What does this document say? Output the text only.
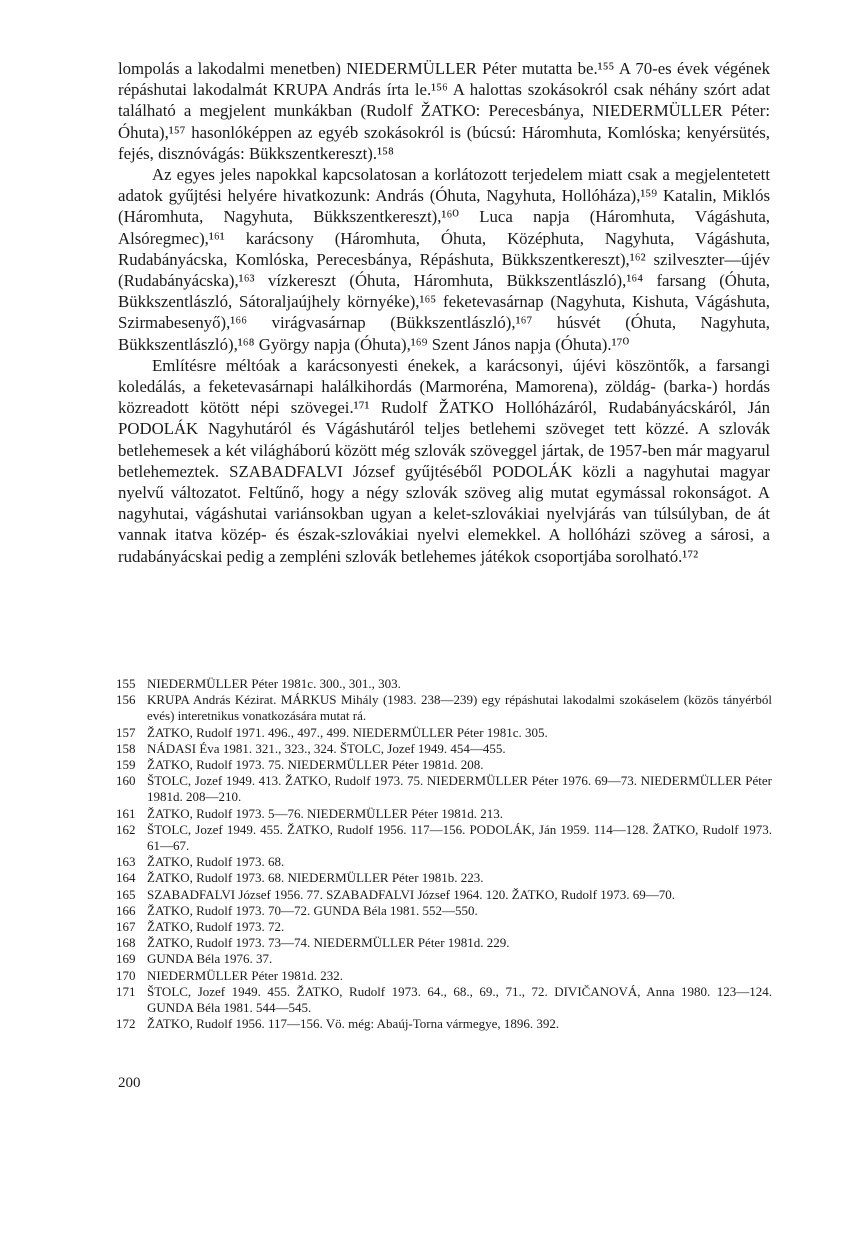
lompolás a lakodalmi menetben) NIEDERMÜLLER Péter mutatta be.¹⁵⁵ A 70-es évek végének répáshutai lakodalmát KRUPA András írta le.¹⁵⁶ A halottas szokásokról csak néhány szórt adat található a megjelent munkákban (Rudolf ŽATKO: Perecesbánya, NIEDERMÜLLER Péter: Óhuta),¹⁵⁷ hasonlóképpen az egyéb szokásokról is (búcsú: Háromhuta, Komlóska; kenyérsütés, fejés, disznóvágás: Bükkszentkereszt).¹⁵⁸

Az egyes jeles napokkal kapcsolatosan a korlátozott terjedelem miatt csak a megjelentetett adatok gyűjtési helyére hivatkozunk: András (Óhuta, Nagyhuta, Hollóháza),¹⁵⁹ Katalin, Miklós (Háromhuta, Nagyhuta, Bükkszentkereszt),¹⁶⁰ Luca napja (Háromhuta, Vágáshuta, Alsóregmec),¹⁶¹ karácsony (Háromhuta, Óhuta, Középhuta, Nagyhuta, Vágáshuta, Rudabányácska, Komlóska, Perecesbánya, Répáshuta, Bükkszentkereszt),¹⁶² szilveszter—újév (Rudabányácska),¹⁶³ vízkereszt (Óhuta, Háromhuta, Bükkszentlászló),¹⁶⁴ farsang (Óhuta, Bükkszentlászló, Sátoraljaújhely környéke),¹⁶⁵ feketevasárnap (Nagyhuta, Kishuta, Vágáshuta, Szirmabesenyő),¹⁶⁶ virágvasárnap (Bükkszentlászló),¹⁶⁷ húsvét (Óhuta, Nagyhuta, Bükkszentlászló),¹⁶⁸ György napja (Óhuta),¹⁶⁹ Szent János napja (Óhuta).¹⁷⁰

Említésre méltóak a karácsonyesti énekek, a karácsonyi, újévi köszöntők, a farsangi koledálás, a feketevasárnapi halálkihordás (Marmoréna, Mamorena), zöldág- (barka-) hordás közreadott kötött népi szövegei.¹⁷¹ Rudolf ŽATKO Hollóházáról, Rudabányácskáról, Ján PODOLÁK Nagyhutáról és Vágáshutáról teljes betlehemi szöveget tett közzé. A szlovák betlehemesek a két világháború között még szlovák szöveggel jártak, de 1957-ben már magyarul betlehemeztek. SZABADFALVI József gyűjtéséből PODOLÁK közli a nagyhutai magyar nyelvű változatot. Feltűnő, hogy a négy szlovák szöveg alig mutat egymással rokonságot. A nagyhutai, vágáshutai variánsokban ugyan a kelet-szlovákiai nyelvjárás van túlsúlyban, de át vannak itatva közép- és észak-szlovákiai nyelvi elemekkel. A hollóházi szöveg a sárosi, a rudabányácskai pedig a zempléni szlovák betlehemes játékok csoportjába sorolható.¹⁷²

155 NIEDERMÜLLER Péter 1981c. 300., 301., 303.
156 KRUPA András Kézirat. MÁRKUS Mihály (1983. 238—239) egy répáshutai lakodalmi szokáselem (közös tányérból evés) interetnikus vonatkozására mutat rá.
157 ŽATKO, Rudolf 1971. 496., 497., 499. NIEDERMÜLLER Péter 1981c. 305.
158 NÁDASI Éva 1981. 321., 323., 324. ŠTOLC, Jozef 1949. 454—455.
159 ŽATKO, Rudolf 1973. 75. NIEDERMÜLLER Péter 1981d. 208.
160 ŠTOLC, Jozef 1949. 413. ŽATKO, Rudolf 1973. 75. NIEDERMÜLLER Péter 1976. 69—73. NIEDERMÜLLER Péter 1981d. 208—210.
161 ŽATKO, Rudolf 1973. 5—76. NIEDERMÜLLER Péter 1981d. 213.
162 ŠTOLC, Jozef 1949. 455. ŽATKO, Rudolf 1956. 117—156. PODOLÁK, Ján 1959. 114—128. ŽATKO, Rudolf 1973. 61—67.
163 ŽATKO, Rudolf 1973. 68.
164 ŽATKO, Rudolf 1973. 68. NIEDERMÜLLER Péter 1981b. 223.
165 SZABADFALVI József 1956. 77. SZABADFALVI József 1964. 120. ŽATKO, Rudolf 1973. 69—70.
166 ŽATKO, Rudolf 1973. 70—72. GUNDA Béla 1981. 552—550.
167 ŽATKO, Rudolf 1973. 72.
168 ŽATKO, Rudolf 1973. 73—74. NIEDERMÜLLER Péter 1981d. 229.
169 GUNDA Béla 1976. 37.
170 NIEDERMÜLLER Péter 1981d. 232.
171 ŠTOLC, Jozef 1949. 455. ŽATKO, Rudolf 1973. 64., 68., 69., 71., 72. DIVIČANOVÁ, Anna 1980. 123—124. GUNDA Béla 1981. 544—545.
172 ŽATKO, Rudolf 1956. 117—156. Vö. még: Abaúj-Torna vármegye, 1896. 392.
200
